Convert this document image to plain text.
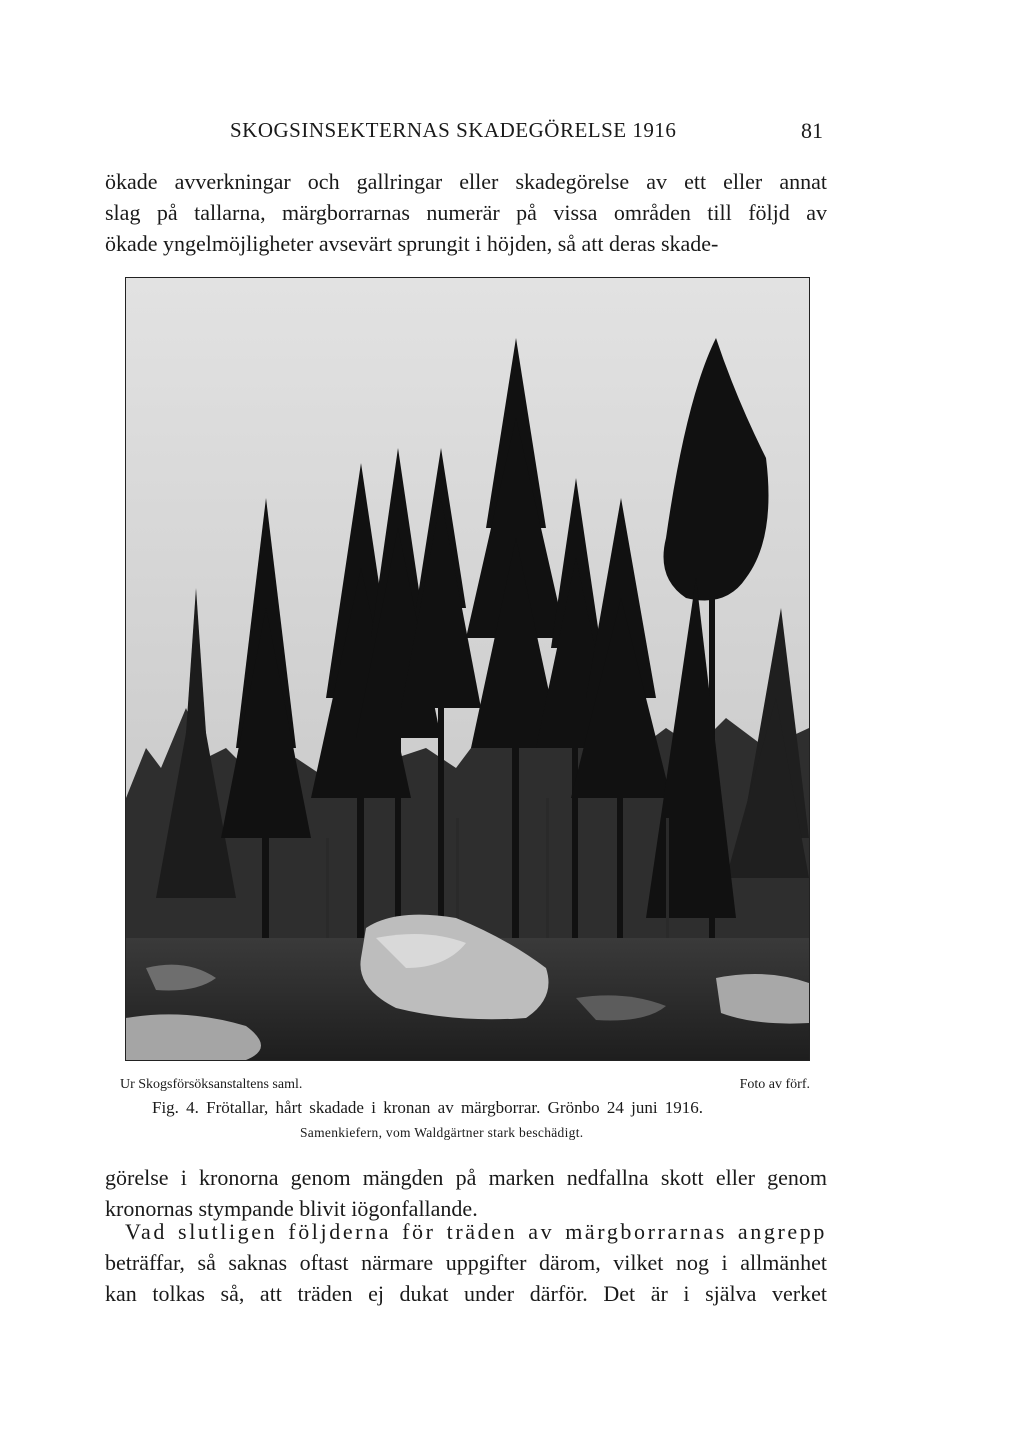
SKOGSINSEKTERNAS SKADEGÖRELSE 1916	81

ökade avverkningar och gallringar eller skadegörelse av ett eller annat
slag på tallarna, märgborrarnas numerär på vissa områden till följd av
ökade yngelmöjligheter avsevärt sprungit i höjden, så att deras skade-

Ur Skogsförsöksanstaltens saml.	Foto av förf.
Fig. 4. Frötallar, hårt skadade i kronan av märgborrar. Grönbo 24 juni 1916.
Samenkiefern, vom Waldgärtner stark beschädigt.

görelse i kronorna genom mängden på marken nedfallna skott eller genom
kronornas stympande blivit iögonfallande.

Vad slutligen följderna för träden av märgborrarnas angrepp
beträffar, så saknas oftast närmare uppgifter därom, vilket nog i allmänhet
kan tolkas så, att träden ej dukat under därför. Det är i själva verket
